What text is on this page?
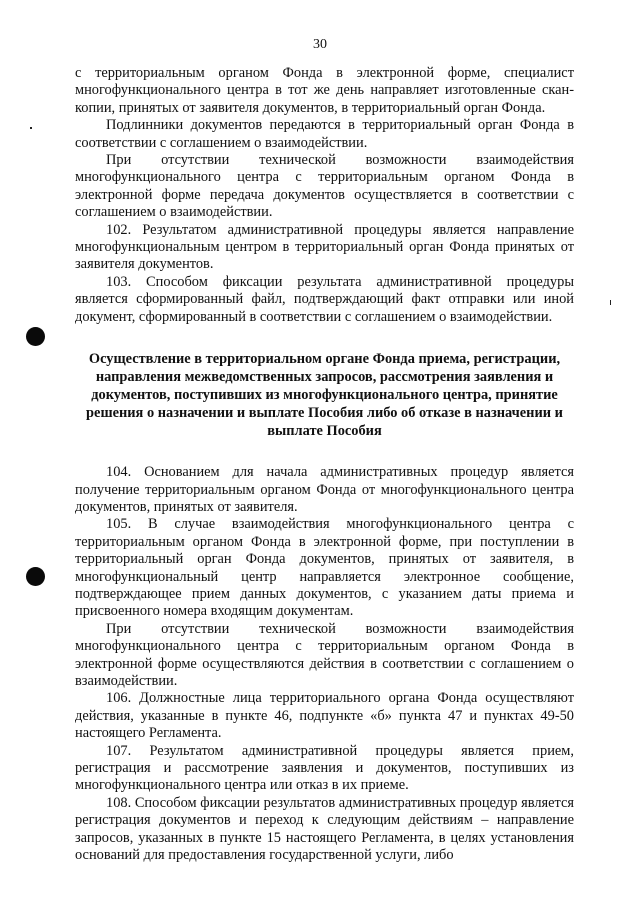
30

с территориальным органом Фонда в электронной форме, специалист многофункционального центра в тот же день направляет изготовленные скан-копии, принятых от заявителя документов, в территориальный орган Фонда.

Подлинники документов передаются в территориальный орган Фонда в соответствии с соглашением о взаимодействии.

При отсутствии технической возможности взаимодействия многофункционального центра с территориальным органом Фонда в электронной форме передача документов осуществляется в соответствии с соглашением о взаимодействии.

102. Результатом административной процедуры является направление многофункциональным центром в территориальный орган Фонда принятых от заявителя документов.

103. Способом фиксации результата административной процедуры является сформированный файл, подтверждающий факт отправки или иной документ, сформированный в соответствии с соглашением о взаимодействии.

Осуществление в территориальном органе Фонда приема, регистрации, направления межведомственных запросов, рассмотрения заявления и документов, поступивших из многофункционального центра, принятие решения о назначении и выплате Пособия либо об отказе в назначении и выплате Пособия

104. Основанием для начала административных процедур является получение территориальным органом Фонда от многофункционального центра документов, принятых от заявителя.

105. В случае взаимодействия многофункционального центра с территориальным органом Фонда в электронной форме, при поступлении в территориальный орган Фонда документов, принятых от заявителя, в многофункциональный центр направляется электронное сообщение, подтверждающее прием данных документов, с указанием даты приема и присвоенного номера входящим документам.

При отсутствии технической возможности взаимодействия многофункционального центра с территориальным органом Фонда в электронной форме осуществляются действия в соответствии с соглашением о взаимодействии.

106. Должностные лица территориального органа Фонда осуществляют действия, указанные в пункте 46, подпункте «б» пункта 47 и пунктах 49-50 настоящего Регламента.

107. Результатом административной процедуры является прием, регистрация и рассмотрение заявления и документов, поступивших из многофункционального центра или отказ в их приеме.

108. Способом фиксации результатов административных процедур является регистрация документов и переход к следующим действиям – направление запросов, указанных в пункте 15 настоящего Регламента, в целях установления оснований для предоставления государственной услуги, либо
